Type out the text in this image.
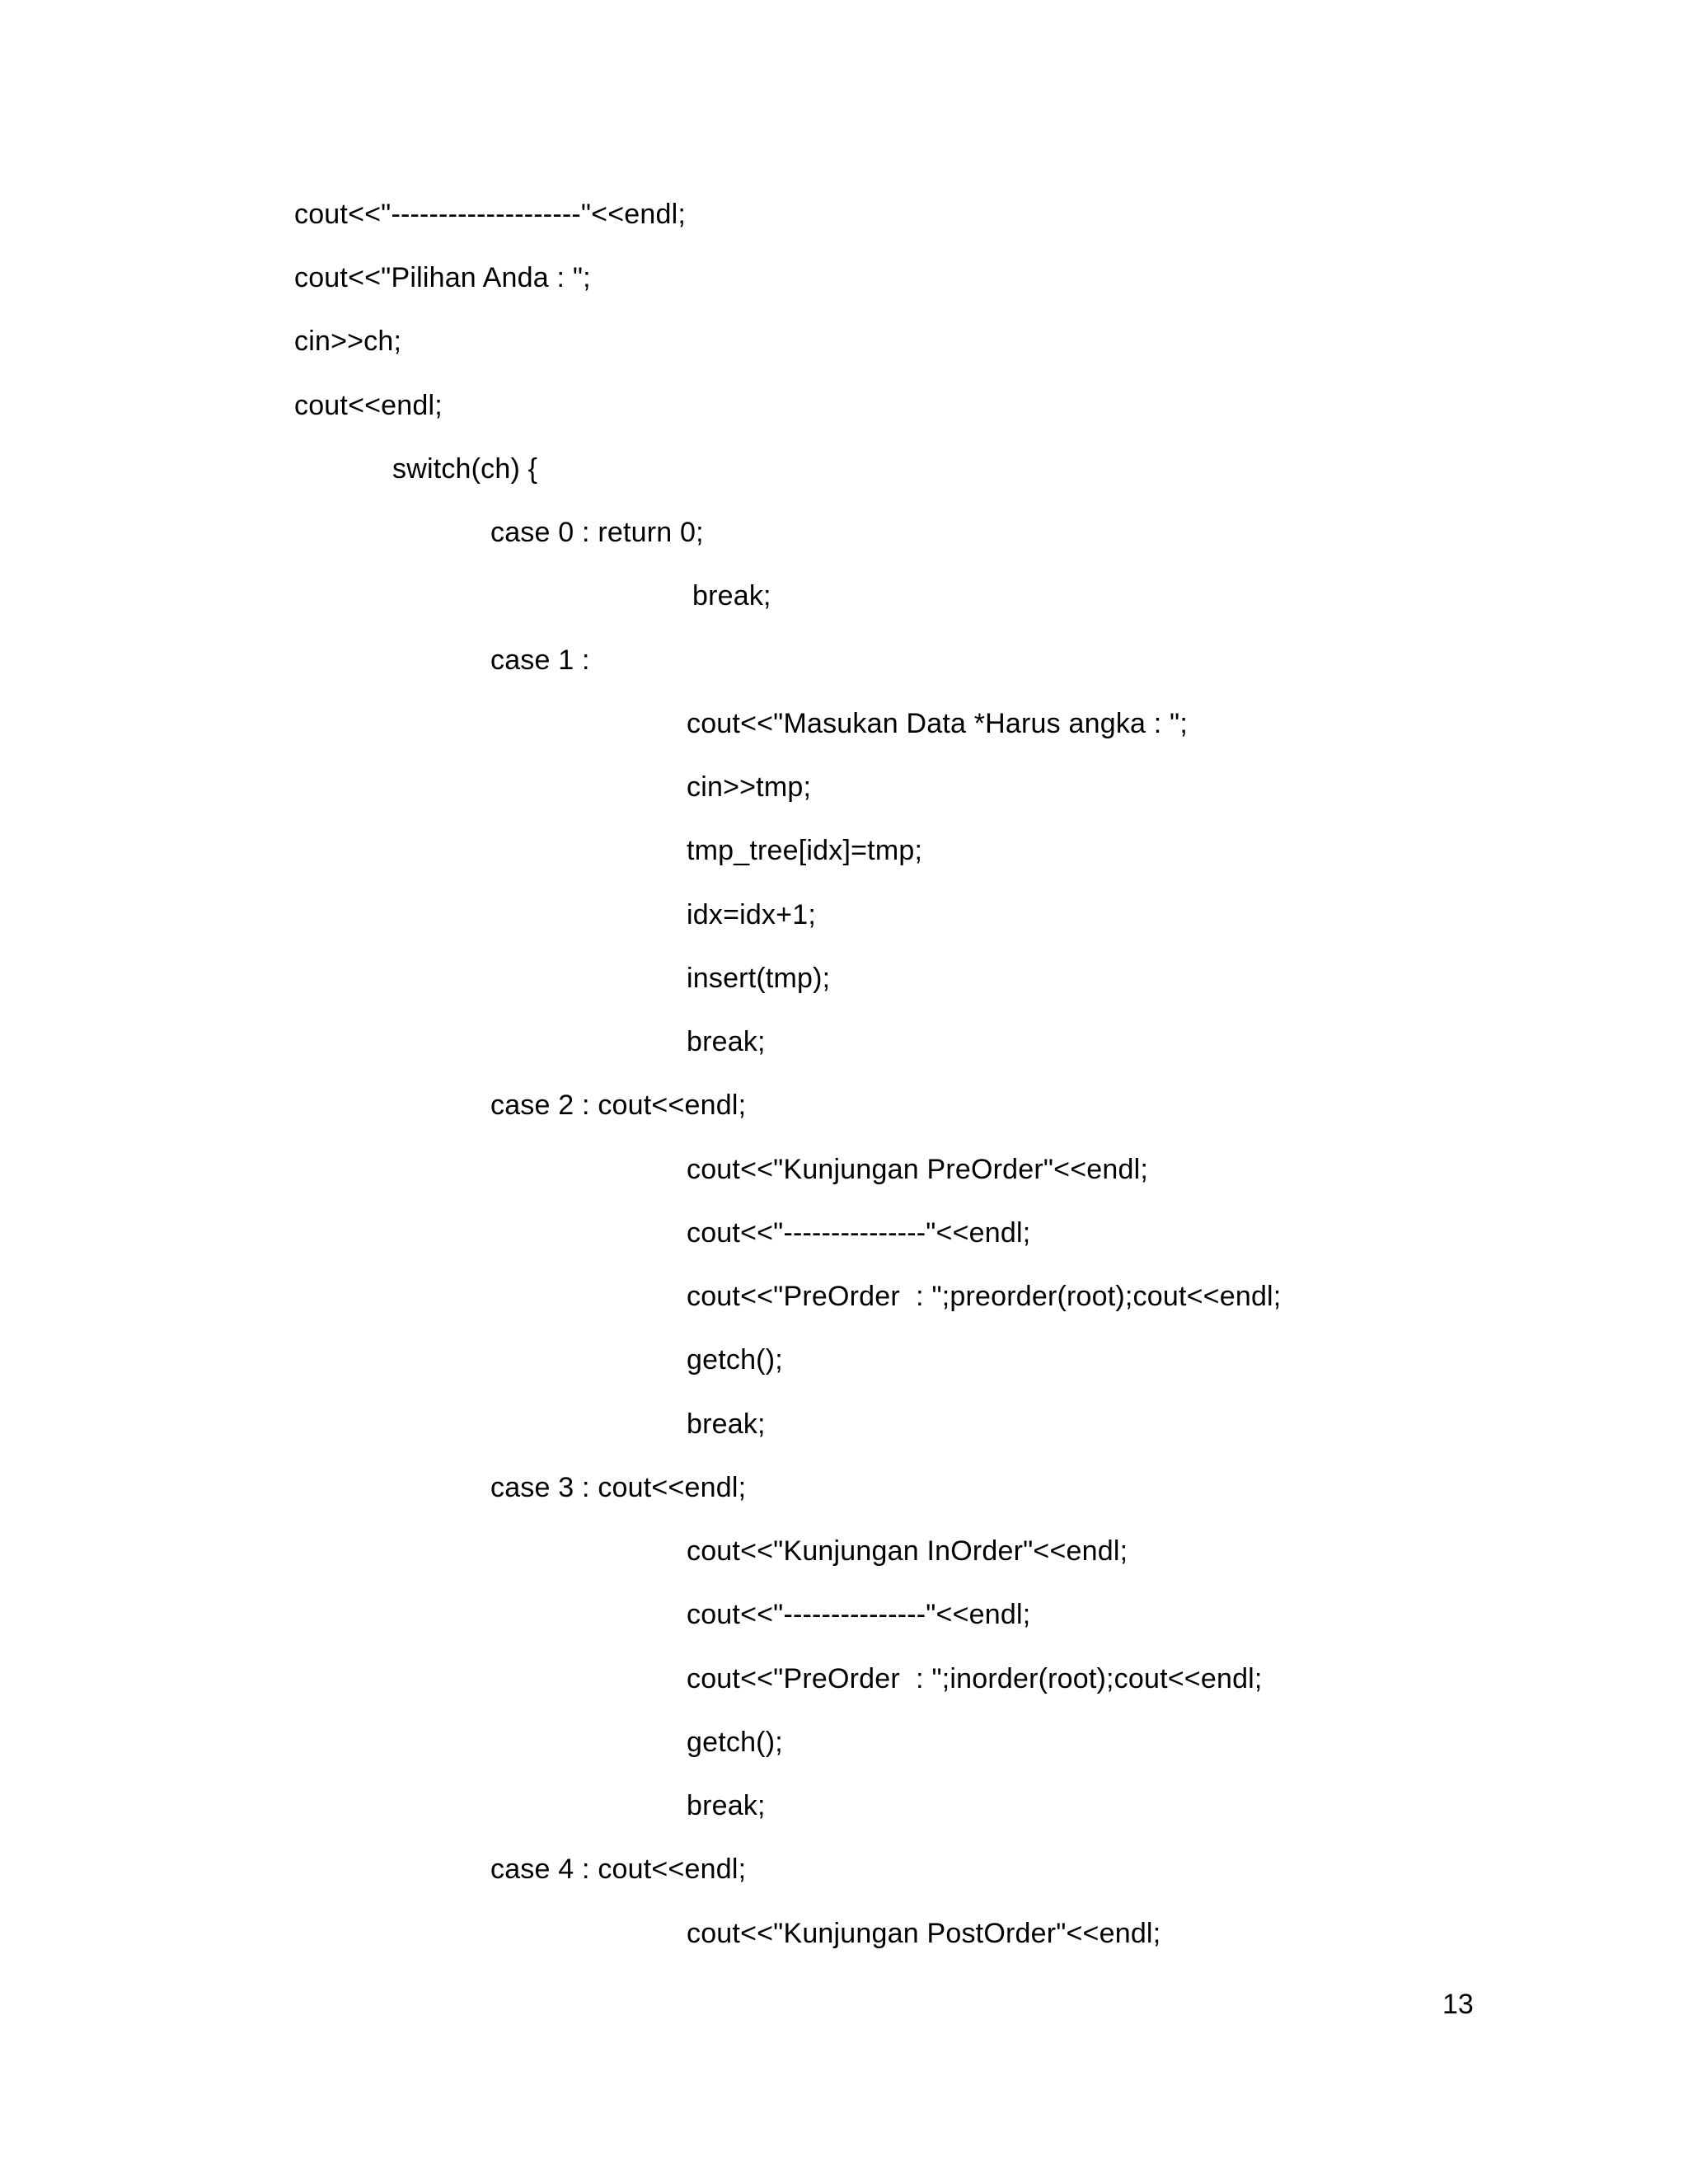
cout<<"--------------------"<<endl;
cout<<"Pilihan Anda : ";
cin>>ch;
cout<<endl;
switch(ch) {
case 0 : return 0;
break;
case 1 :
cout<<"Masukan Data *Harus angka : ";
cin>>tmp;
tmp_tree[idx]=tmp;
idx=idx+1;
insert(tmp);
break;
case 2 : cout<<endl;
cout<<"Kunjungan PreOrder"<<endl;
cout<<"---------------"<<endl;
cout<<"PreOrder  : ";preorder(root);cout<<endl;
getch();
break;
case 3 : cout<<endl;
cout<<"Kunjungan InOrder"<<endl;
cout<<"---------------"<<endl;
cout<<"PreOrder  : ";inorder(root);cout<<endl;
getch();
break;
case 4 : cout<<endl;
cout<<"Kunjungan PostOrder"<<endl;
13
